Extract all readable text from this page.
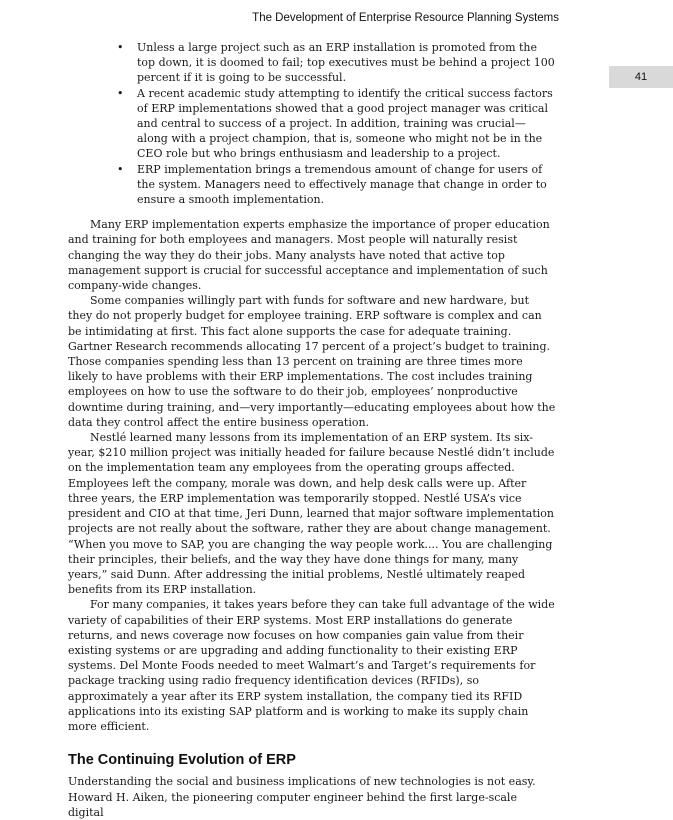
The Development of Enterprise Resource Planning Systems
41
• Unless a large project such as an ERP installation is promoted from the top down, it is doomed to fail; top executives must be behind a project 100 percent if it is going to be successful.
• A recent academic study attempting to identify the critical success factors of ERP implementations showed that a good project manager was critical and central to success of a project. In addition, training was crucial—along with a project champion, that is, someone who might not be in the CEO role but who brings enthusiasm and leadership to a project.
• ERP implementation brings a tremendous amount of change for users of the system. Managers need to effectively manage that change in order to ensure a smooth implementation.

Many ERP implementation experts emphasize the importance of proper education and training for both employees and managers. Most people will naturally resist changing the way they do their jobs. Many analysts have noted that active top management support is crucial for successful acceptance and implementation of such company-wide changes.

Some companies willingly part with funds for software and new hardware, but they do not properly budget for employee training. ERP software is complex and can be intimidating at first. This fact alone supports the case for adequate training. Gartner Research recommends allocating 17 percent of a project’s budget to training. Those companies spending less than 13 percent on training are three times more likely to have problems with their ERP implementations. The cost includes training employees on how to use the software to do their job, employees’ nonproductive downtime during training, and—very importantly—educating employees about how the data they control affect the entire business operation.

Nestlé learned many lessons from its implementation of an ERP system. Its six-year, $210 million project was initially headed for failure because Nestlé didn’t include on the implementation team any employees from the operating groups affected. Employees left the company, morale was down, and help desk calls were up. After three years, the ERP implementation was temporarily stopped. Nestlé USA’s vice president and CIO at that time, Jeri Dunn, learned that major software implementation projects are not really about the software, rather they are about change management. “When you move to SAP, you are changing the way people work.... You are challenging their principles, their beliefs, and the way they have done things for many, many years,” said Dunn. After addressing the initial problems, Nestlé ultimately reaped benefits from its ERP installation.

For many companies, it takes years before they can take full advantage of the wide variety of capabilities of their ERP systems. Most ERP installations do generate returns, and news coverage now focuses on how companies gain value from their existing systems or are upgrading and adding functionality to their existing ERP systems. Del Monte Foods needed to meet Walmart’s and Target’s requirements for package tracking using radio frequency identification devices (RFIDs), so approximately a year after its ERP system installation, the company tied its RFID applications into its existing SAP platform and is working to make its supply chain more efficient.

The Continuing Evolution of ERP

Understanding the social and business implications of new technologies is not easy. Howard H. Aiken, the pioneering computer engineer behind the first large-scale digital
